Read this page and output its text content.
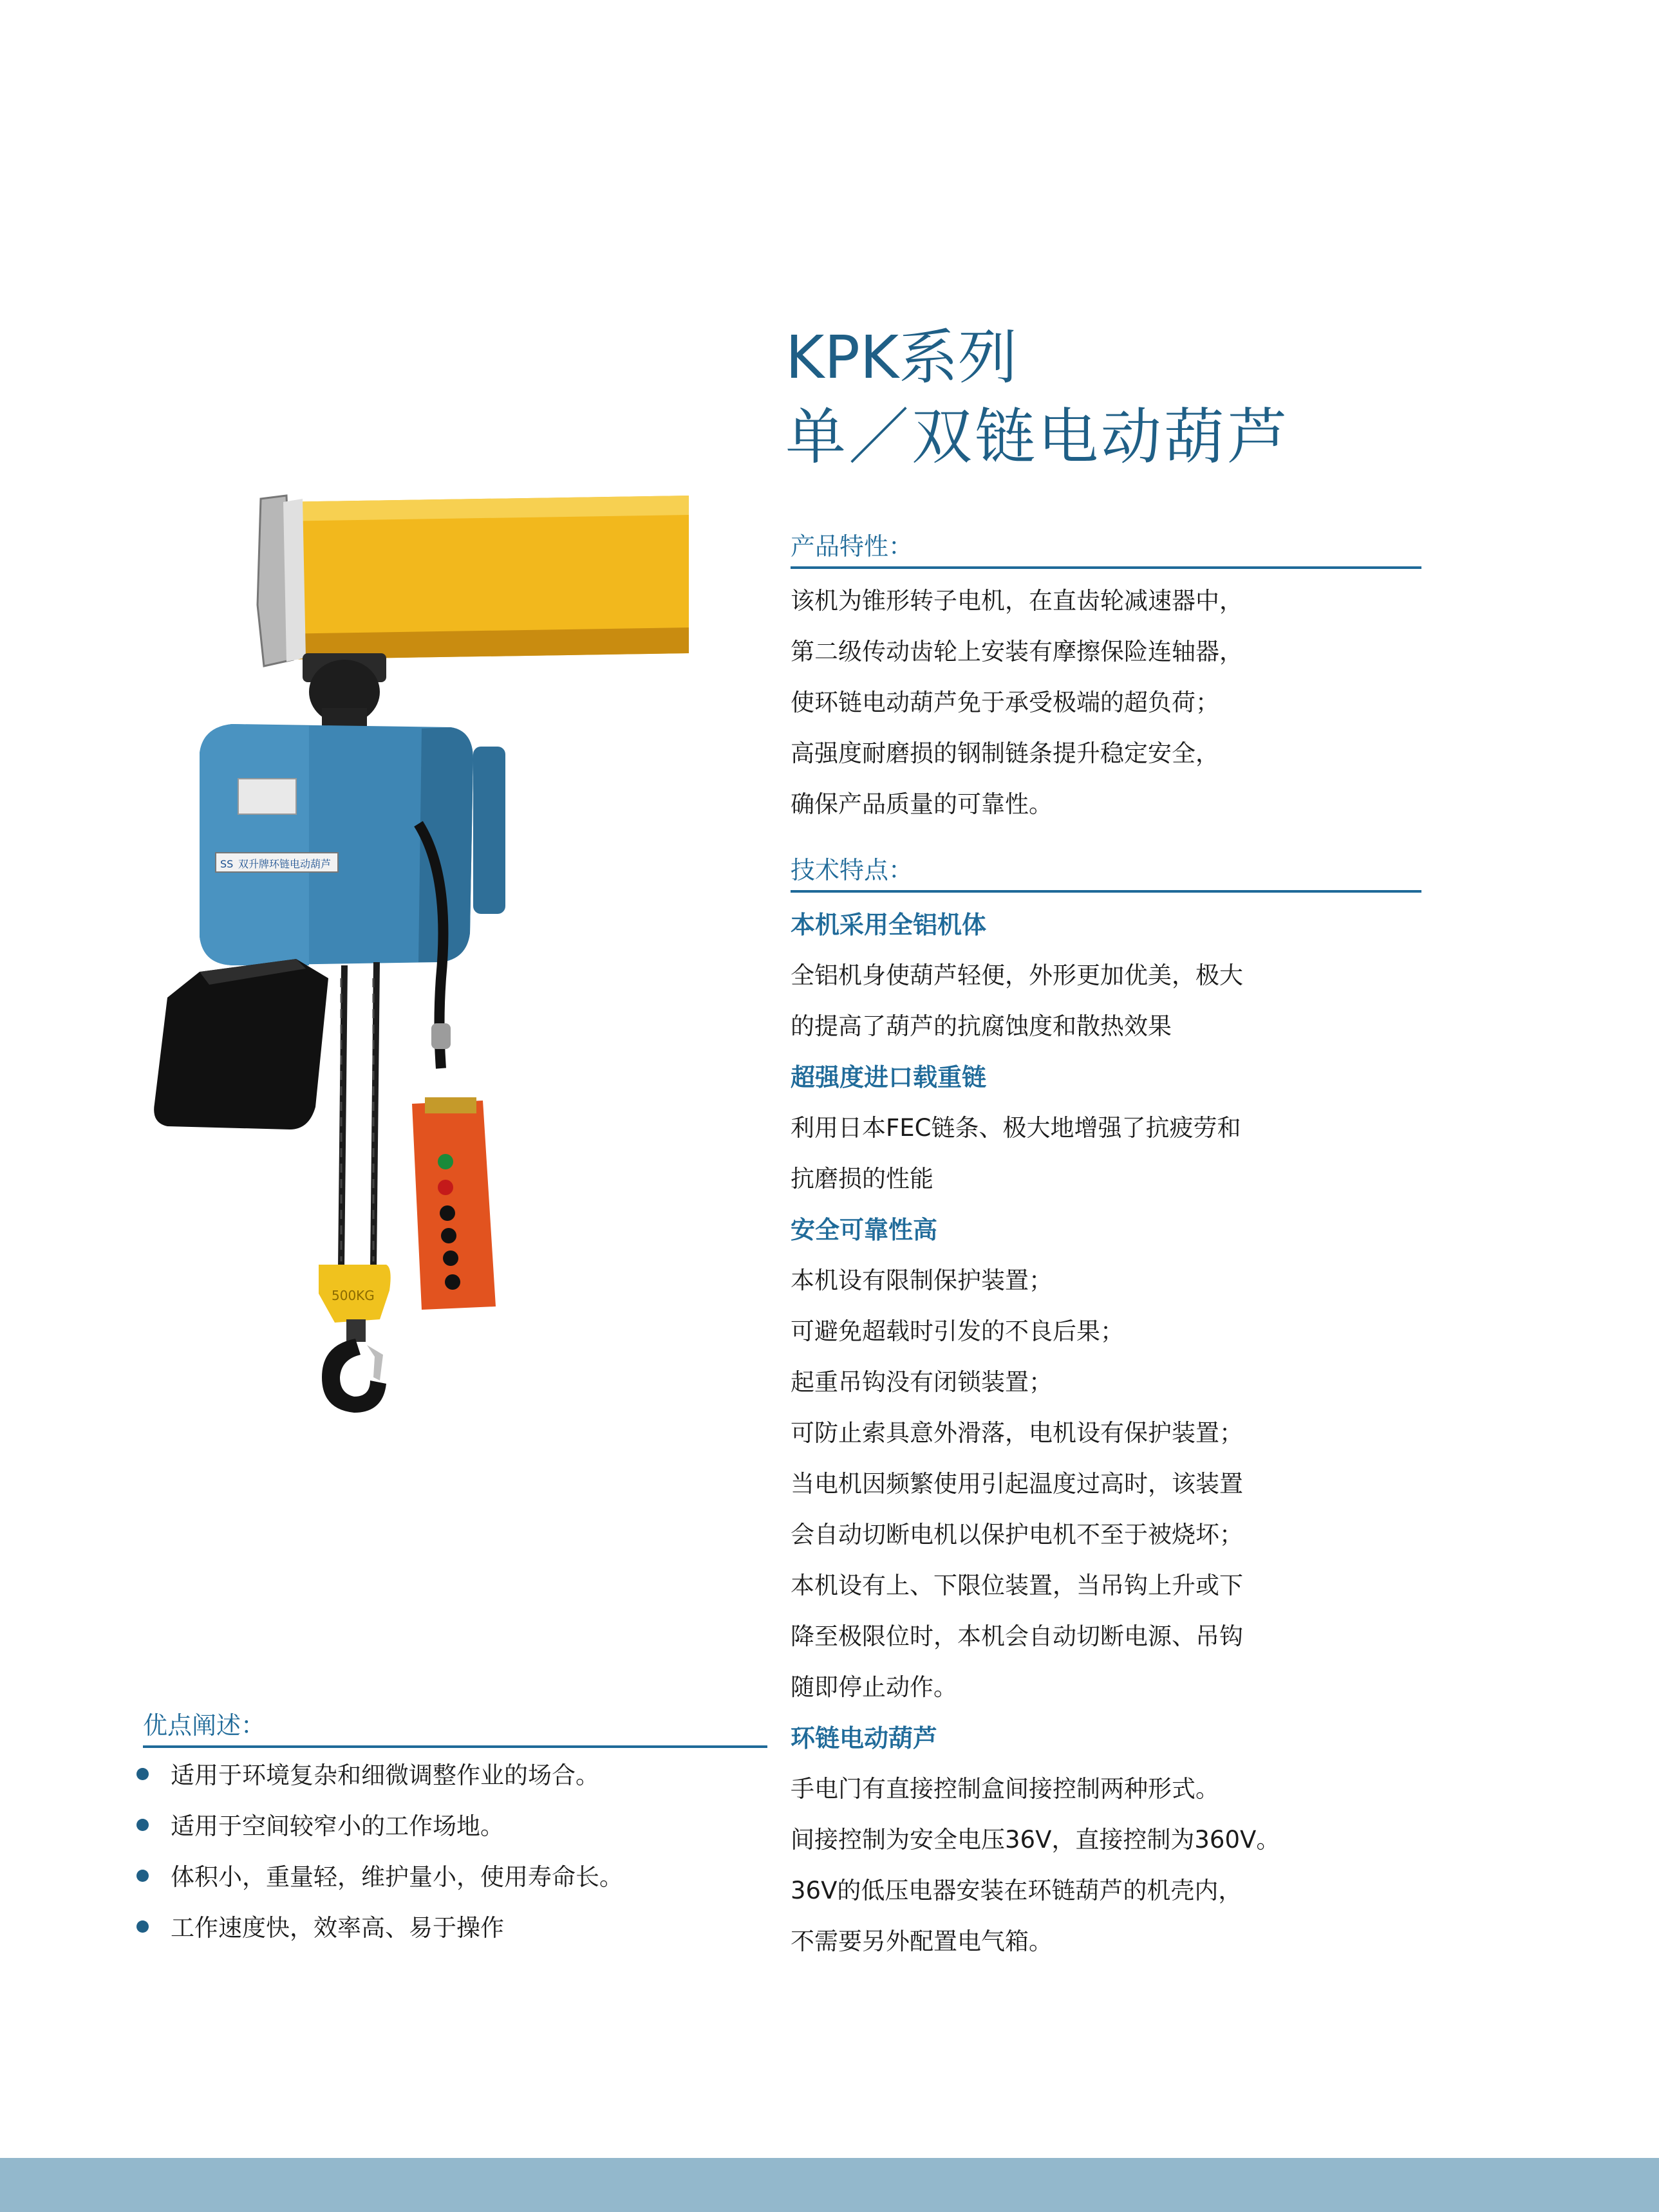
KPK系列
单／双链电动葫芦
SS 双升牌环链电动葫芦
500KG
产品特性：
该机为锥形转子电机，在直齿轮减速器中，
第二级传动齿轮上安装有摩擦保险连轴器，
使环链电动葫芦免于承受极端的超负荷；
高强度耐磨损的钢制链条提升稳定安全，
确保产品质量的可靠性。
技术特点：
本机采用全铝机体
全铝机身使葫芦轻便，外形更加优美，极大
的提高了葫芦的抗腐蚀度和散热效果
超强度进口载重链
利用日本FEC链条、极大地增强了抗疲劳和
抗磨损的性能
安全可靠性高
本机设有限制保护装置；
可避免超载时引发的不良后果；
起重吊钩没有闭锁装置；
可防止索具意外滑落，电机设有保护装置；
当电机因频繁使用引起温度过高时，该装置
会自动切断电机以保护电机不至于被烧坏；
本机设有上、下限位装置，当吊钩上升或下
降至极限位时，本机会自动切断电源、吊钩
随即停止动作。
环链电动葫芦
手电门有直接控制盒间接控制两种形式。
间接控制为安全电压36V，直接控制为360V。
36V的低压电器安装在环链葫芦的机壳内，
不需要另外配置电气箱。
优点阐述：
适用于环境复杂和细微调整作业的场合。
适用于空间较窄小的工作场地。
体积小，重量轻，维护量小，使用寿命长。
工作速度快，效率高、易于操作
